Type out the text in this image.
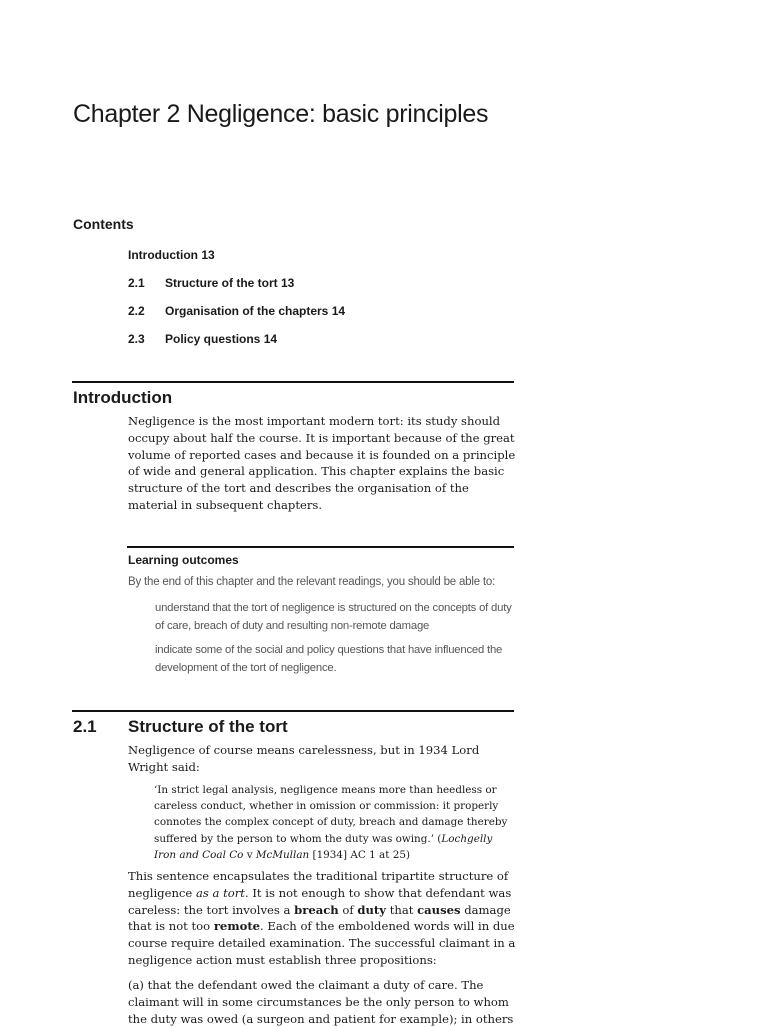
Chapter 2 Negligence: basic principles
Contents
Introduction 13
2.1	Structure of the tort 13
2.2	Organisation of the chapters 14
2.3	Policy questions 14
Introduction

Negligence is the most important modern tort: its study should occupy about half the course. It is important because of the great volume of reported cases and because it is founded on a principle of wide and general application. This chapter explains the basic structure of the tort and describes the organisation of the material in subsequent chapters.

Learning outcomes

By the end of this chapter and the relevant readings, you should be able to:

understand that the tort of negligence is structured on the concepts of duty of care, breach of duty and resulting non-remote damage
indicate some of the social and policy questions that have influenced the development of the tort of negligence.
2.1 Structure of the tort

Negligence of course means carelessness, but in 1934 Lord Wright said:

‘In strict legal analysis, negligence means more than heedless or careless conduct, whether in omission or commission: it properly connotes the complex concept of duty, breach and damage thereby suffered by the person to whom the duty was owing.’ (Lochgelly Iron and Coal Co v McMullan [1934] AC 1 at 25)

This sentence encapsulates the traditional tripartite structure of negligence as a tort. It is not enough to show that defendant was careless: the tort involves a breach of duty that causes damage that is not too remote. Each of the emboldened words will in due course require detailed examination. The successful claimant in a negligence action must establish three propositions:

(a) that the defendant owed the claimant a duty of care. The claimant will in some circumstances be the only person to whom the duty was owed (a surgeon and patient for example); in others
